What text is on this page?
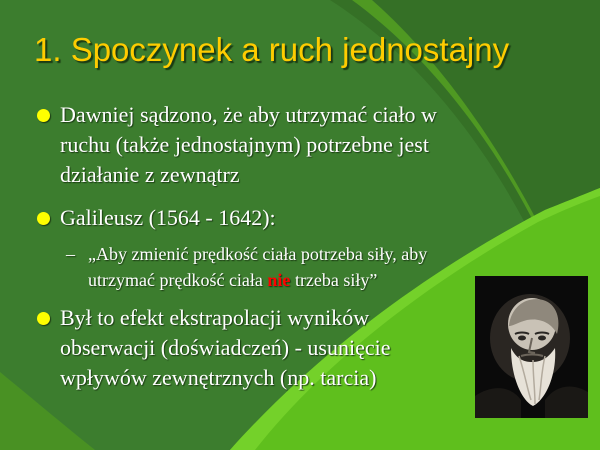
1. Spoczynek a ruch jednostajny
Dawniej sądzono, że aby utrzymać ciało w
ruchu (także jednostajnym) potrzebne jest
działanie z zewnątrz
Galileusz (1564 - 1642):
– „Aby zmienić prędkość ciała potrzeba siły, aby
utrzymać prędkość ciała nie trzeba siły”
Był to efekt ekstrapolacji wyników
obserwacji (doświadczeń) - usunięcie
wpływów zewnętrznych (np. tarcia)
